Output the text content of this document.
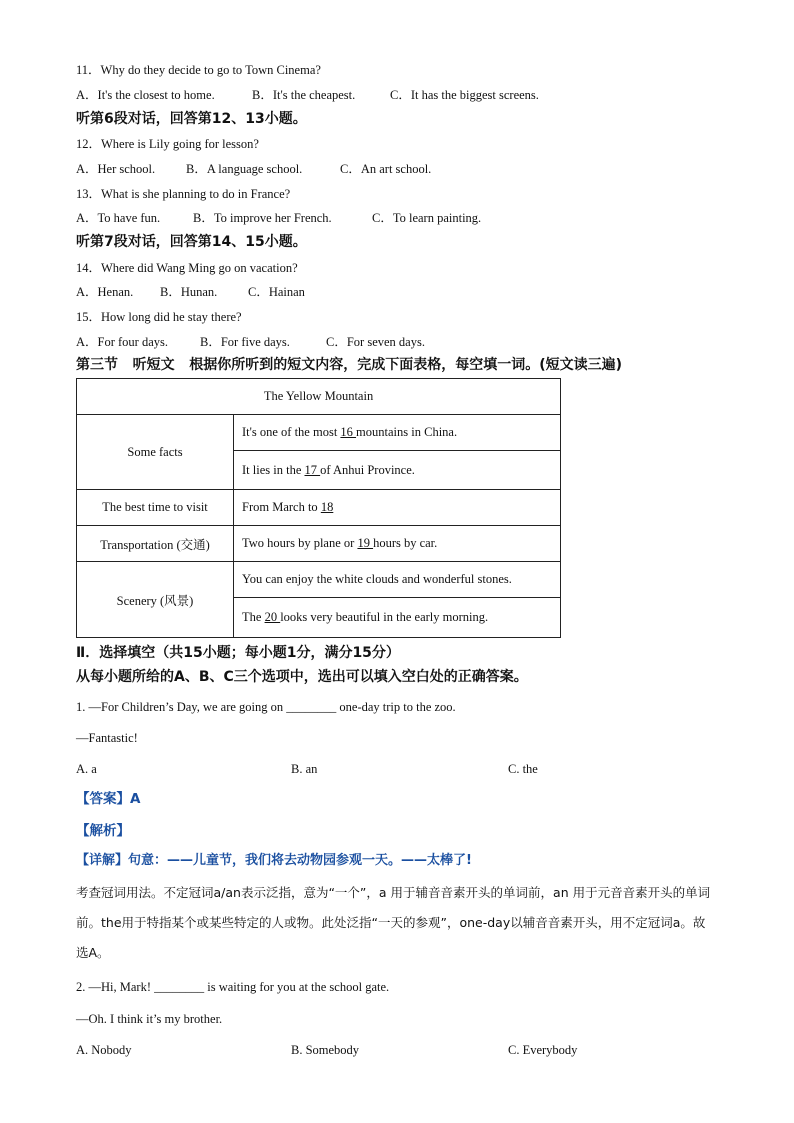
11．Why do they decide to go to Town Cinema?
A．It's the closest to home.	B．It's the cheapest.	C．It has the biggest screens.
听第6段对话，回答第12、13小题。
12．Where is Lily going for lesson?
A．Her school. B．A language school.	C．An art school.
13．What is she planning to do in France?
A．To have fun.	B．To improve her French.	C．To learn painting.
听第7段对话，回答第14、15小题。
14．Where did Wang Ming go on vacation?
A．Henan. B．Hunan. C．Hainan
15．How long did he stay there?
A．For four days.	B．For five days.	C．For seven days.
第三节   听短文   根据你所听到的短文内容，完成下面表格，每空填一词。(短文读三遍)
The Yellow Mountain	
Some facts	It's one of the most 16 mountains in China.
	It lies in the 17 of Anhui Province.
The best time to visit	From March to 18
Transportation (交通)	Two hours by plane or 19 hours by car.
Scenery (风景)	You can enjoy the white clouds and wonderful stones.
	The 20 looks very beautiful in the early morning.
Ⅱ．选择填空（共15小题；每小题1分，满分15分）
从每小题所给的A、B、C三个选项中，选出可以填入空白处的正确答案。
1. —For Children’s Day, we are going on ________ one-day trip to the zoo.
—Fantastic!
A. a	B. an	C. the
【答案】A
【解析】
【详解】句意：——儿童节，我们将去动物园参观一天。——太棒了!
考查冠词用法。不定冠词a/an表示泛指，意为“一个”，a 用于辅音音素开头的单词前，an 用于元音音素开头的单词前。the用于特指某个或某些特定的人或物。此处泛指“一天的参观”，one-day以辅音音素开头，用不定冠词a。故选A。
2. —Hi, Mark! ________ is waiting for you at the school gate.
—Oh. I think it’s my brother.
A. Nobody	B. Somebody	C. Everybody
